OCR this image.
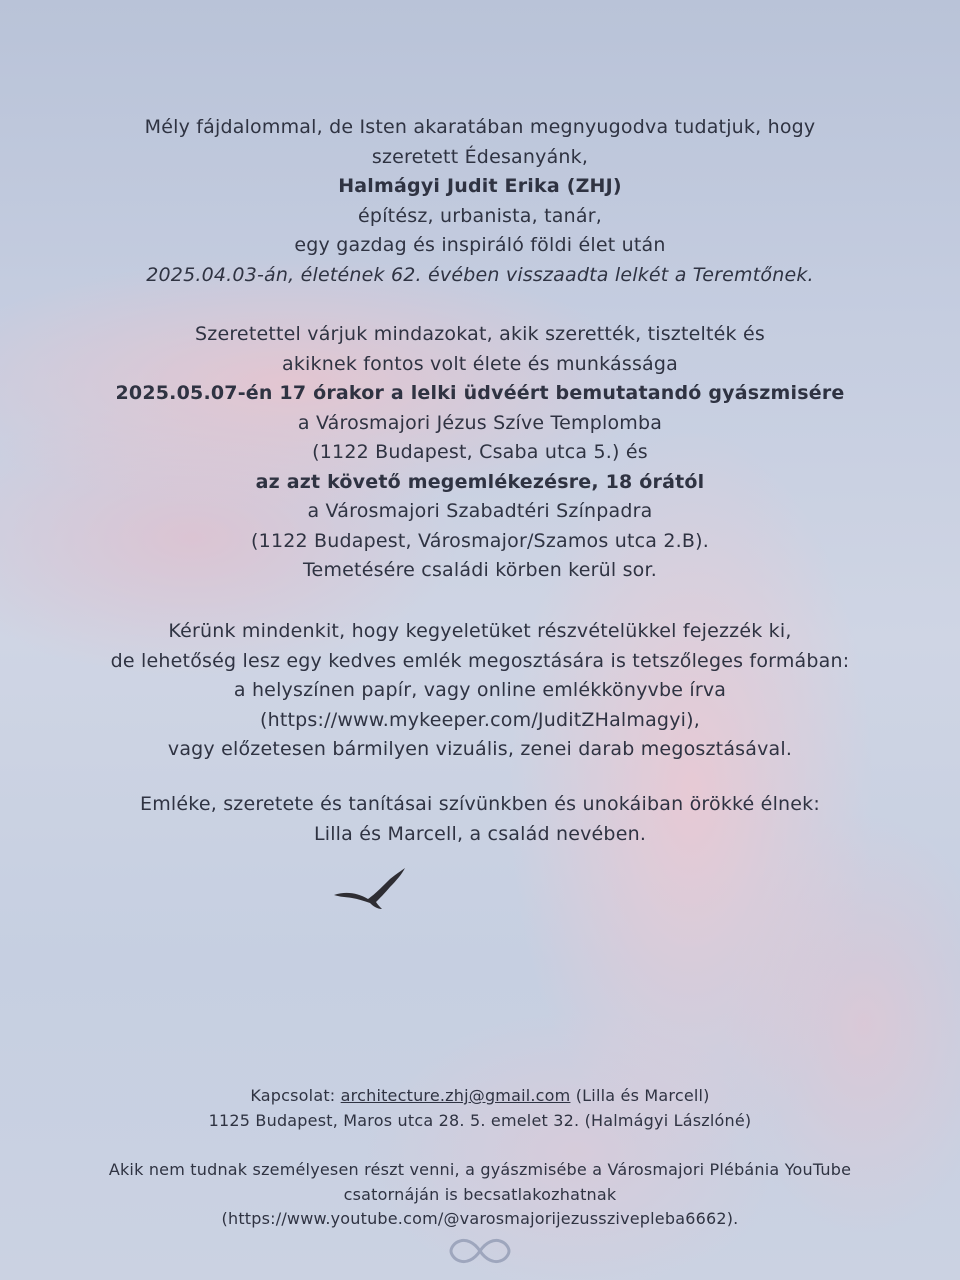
Mély fájdalommal, de Isten akaratában megnyugodva tudatjuk, hogy
szeretett Édesanyánk,
Halmágyi Judit Erika (ZHJ)
építész, urbanista, tanár,
egy gazdag és inspiráló földi élet után
2025.04.03-án, életének 62. évében visszaadta lelkét a Teremtőnek.
Szeretettel várjuk mindazokat, akik szerették, tisztelték és
akiknek fontos volt élete és munkássága
2025.05.07-én 17 órakor a lelki üdvéért bemutatandó gyászmisére
a Városmajori Jézus Szíve Templomba
(1122 Budapest, Csaba utca 5.) és
az azt követő megemlékezésre, 18 órától
a Városmajori Szabadtéri Színpadra
(1122 Budapest, Városmajor/Szamos utca 2.B).
Temetésére családi körben kerül sor.
Kérünk mindenkit, hogy kegyeletüket részvételükkel fejezzék ki,
de lehetőség lesz egy kedves emlék megosztására is tetszőleges formában:
a helyszínen papír, vagy online emlékkönyvbe írva
(https://www.mykeeper.com/JuditZHalmagyi),
vagy előzetesen bármilyen vizuális, zenei darab megosztásával.
Emléke, szeretete és tanításai szívünkben és unokáiban örökké élnek:
Lilla és Marcell, a család nevében.
Kapcsolat: architecture.zhj@gmail.com (Lilla és Marcell)
1125 Budapest, Maros utca 28. 5. emelet 32. (Halmágyi Lászlóné)
Akik nem tudnak személyesen részt venni, a gyászmisébe a Városmajori Plébánia YouTube
csatornáján is becsatlakozhatnak
(https://www.youtube.com/@varosmajorijezusszivepleba6662).
